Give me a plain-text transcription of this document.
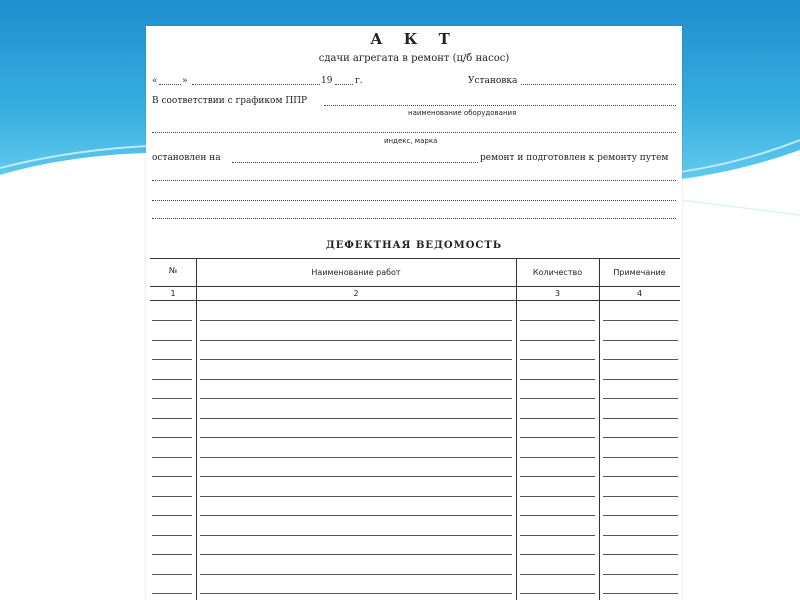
А К Т
сдачи агрегата в ремонт (ц/б насос)
«	»	19	г.	Установка
В соответствии с графиком ППР
наименование оборудования
индекс, марка
остановлен на	ремонт и подготовлен к ремонту путем
ДЕФЕКТНАЯ ВЕДОМОСТЬ
№	Наименование работ	Количество	Примечание
1	2	3	4
